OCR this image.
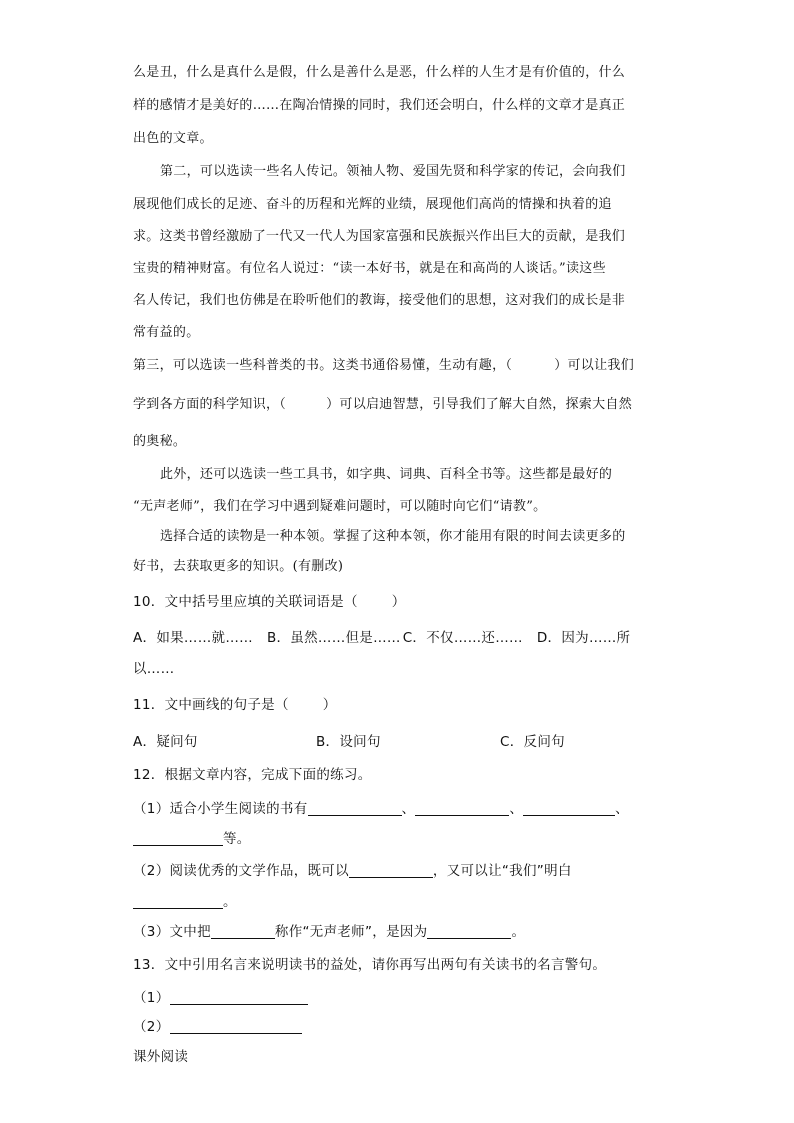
么是丑，什么是真什么是假，什么是善什么是恶，什么样的人生才是有价值的，什么
样的感情才是美好的……在陶冶情操的同时，我们还会明白，什么样的文章才是真正
出色的文章。
第二，可以选读一些名人传记。领袖人物、爱国先贤和科学家的传记，会向我们
展现他们成长的足迹、奋斗的历程和光辉的业绩，展现他们高尚的情操和执着的追
求。这类书曾经激励了一代又一代人为国家富强和民族振兴作出巨大的贡献，是我们
宝贵的精神财富。有位名人说过：“读一本好书，就是在和高尚的人谈话。”读这些
名人传记，我们也仿佛是在聆听他们的教诲，接受他们的思想，这对我们的成长是非
常有益的。
第三，可以选读一些科普类的书。这类书通俗易懂，生动有趣，（	）可以让我们
学到各方面的科学知识，（	）可以启迪智慧，引导我们了解大自然，探索大自然
的奥秘。
此外，还可以选读一些工具书，如字典、词典、百科全书等。这些都是最好的
“无声老师”，我们在学习中遇到疑难问题时，可以随时向它们“请教”。
选择合适的读物是一种本领。掌握了这种本领，你才能用有限的时间去读更多的
好书，去获取更多的知识。(有删改)
10．文中括号里应填的关联词语是（	）
A．如果……就…… B．虽然……但是…… C．不仅……还…… D．因为……所
以……
11．文中画线的句子是（	）
A．疑问句	B．设问句	C．反问句
12．根据文章内容，完成下面的练习。
（1）适合小学生阅读的书有	、	、	、
等。
（2）阅读优秀的文学作品，既可以	，又可以让“我们”明白
。
（3）文中把	称作“无声老师”，是因为	。
13．文中引用名言来说明读书的益处，请你再写出两句有关读书的名言警句。
（1）
（2）
课外阅读
